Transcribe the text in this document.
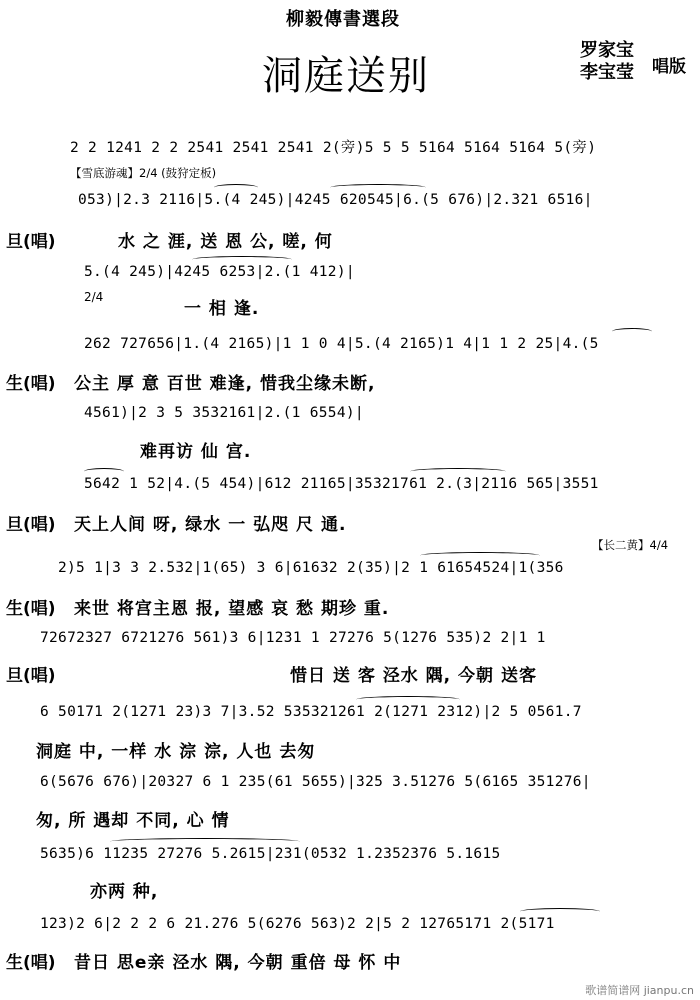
柳毅傳書選段
洞庭送别
罗家宝
李宝莹 唱版
2 2 1241 2 2 2541 2541 2541 2(旁)5 5 5 5164 5164 5164 5(旁)
【雪底游魂】2/4 (鼓狩定板)
053)|2.3 2116|5.(4 245)|4245 620545|6.(5 676)|2.321 6516|
旦(唱)	水 之 涯, 送 恩 公, 嗟, 何
5.(4 245)|4245 6253|2.(1 412)|
2/4
一 相 逢.
262 727656|1.(4 2165)|1 1 0 4|5.(4 2165)1 4|1 1 2 25|4.(5
生(唱) 公主 厚 意 百世 难逢, 惜我尘缘未断,
4561)|2 3 5 3532161|2.(1 6554)|
难再访 仙 宫.
5642 1 52|4.(5 454)|612 21165|35321761 2.(3|2116 565|3551
旦(唱) 天上人间 呀, 绿水 一 弘咫 尺 通.
【长二黄】4/4
2)5 1|3 3 2.532|1(65) 3 6|61632 2(35)|2 1 61654524|1(356
生(唱) 来世 将宫主恩 报, 望感 哀 愁 期珍 重.
72672327 6721276 561)3 6|1231 1 27276 5(1276 535)2 2|1 1
旦(唱)	惜日 送 客 泾水 隅, 今朝 送客
6 50171 2(1271 23)3 7|3.52 535321261 2(1271 2312)|2 5 0561.7
洞庭 中, 一样 水 淙 淙, 人也 去匆
6(5676 676)|20327 6 1 235(61 5655)|325 3.51276 5(6165 351276|
匆, 所 遇却 不同, 心 情
5635)6 11235 27276 5.2615|231(0532 1.2352376 5.1615
亦两 种,
123)2 6|2 2 2 6 21.276 5(6276 563)2 2|5 2 12765171 2(5171
生(唱) 昔日 思e亲 泾水 隅, 今朝 重倍 母 怀 中
歌谱简谱网 jianpu.cn
